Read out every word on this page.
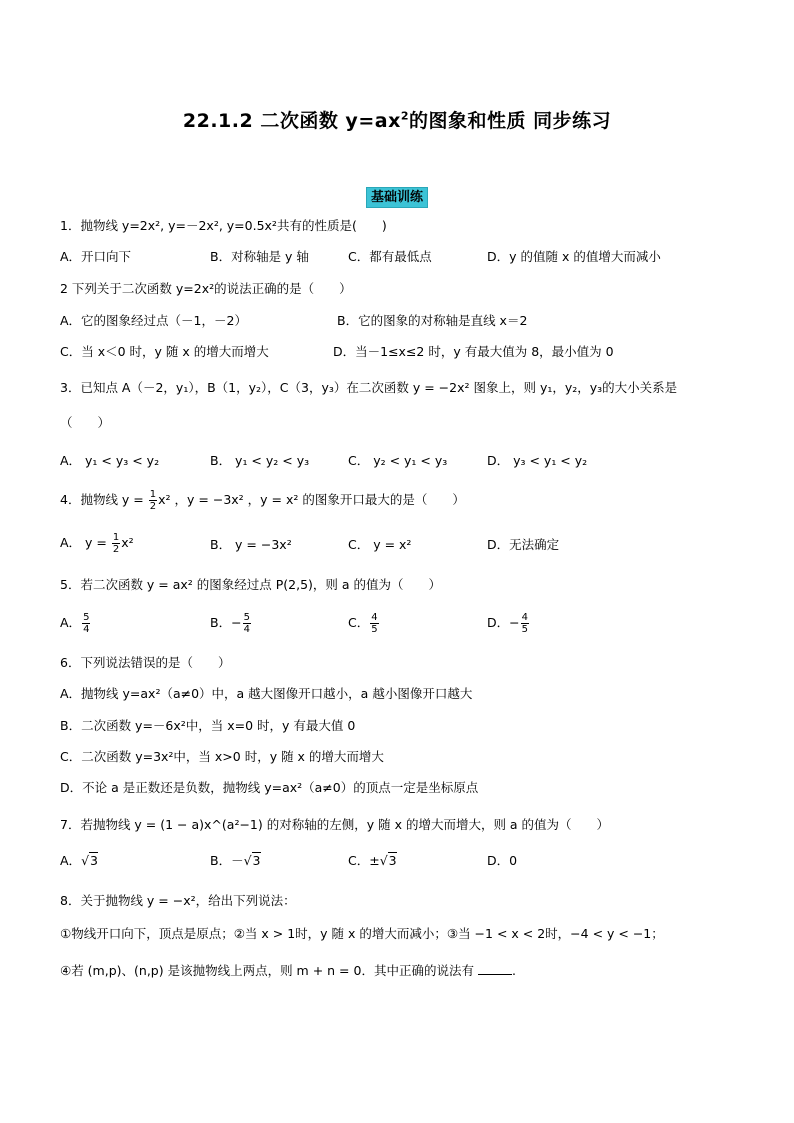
22.1.2 二次函数 $y=ax^2$的图象和性质 同步练习
基础训练
1．抛物线 y=2x², y=－2x², y=0.5x²共有的性质是(　　)
A．开口向下	B．对称轴是 y 轴	C．都有最低点	D．y 的值随 x 的值增大而减小
2 下列关于二次函数 y=2x²的说法正确的是（　　）
A．它的图象经过点（－1，－2）	B．它的图象的对称轴是直线 x＝2
C．当 x＜0 时，y 随 x 的增大而增大	D．当－1≤x≤2 时，y 有最大值为 8，最小值为 0
3．已知点 A（－2，y₁），B（1，y₂），C（3，y₃）在二次函数 y = −2x² 图象上，则 y₁，y₂，y₃的大小关系是
（　　）
A． y₁ < y₃ < y₂	B． y₁ < y₂ < y₃	C． y₂ < y₁ < y₃	D． y₃ < y₁ < y₂
4．抛物线 $y = \frac{1}{2} x^2$ ，y = −3x² ，y = x² 的图象开口最大的是（　　）
A． $y = \frac{1}{2} x^2$	B． y = −3x²	C． y = x²	D．无法确定
5．若二次函数 y = ax² 的图象经过点 P(2,5)，则 a 的值为（　　）
A． $\frac{5}{4}$	B．− $\frac{5}{4}$	C． $\frac{4}{5}$	D．− $\frac{4}{5}$
6．下列说法错误的是（　　）
A．抛物线 y=ax²（a≠0）中，a 越大图像开口越小，a 越小图像开口越大
B．二次函数 y=－6x²中，当 x=0 时，y 有最大值 0
C．二次函数 y=3x²中，当 x>0 时，y 随 x 的增大而增大
D．不论 a 是正数还是负数，抛物线 y=ax²（a≠0）的顶点一定是坐标原点
7．若抛物线 y = (1 − a)x^(a²−1) 的对称轴的左侧，y 随 x 的增大而增大，则 a 的值为（　　）
A．√3	B．－√3	C．±√3	D．0
8．关于抛物线 y = −x²，给出下列说法：
①物线开口向下，顶点是原点；②当 x > 1时，y 随 x 的增大而减小；③当 −1 < x < 2时，−4 < y < −1；
④若 (m,p)、(n,p) 是该抛物线上两点，则 m + n = 0．其中正确的说法有	.
